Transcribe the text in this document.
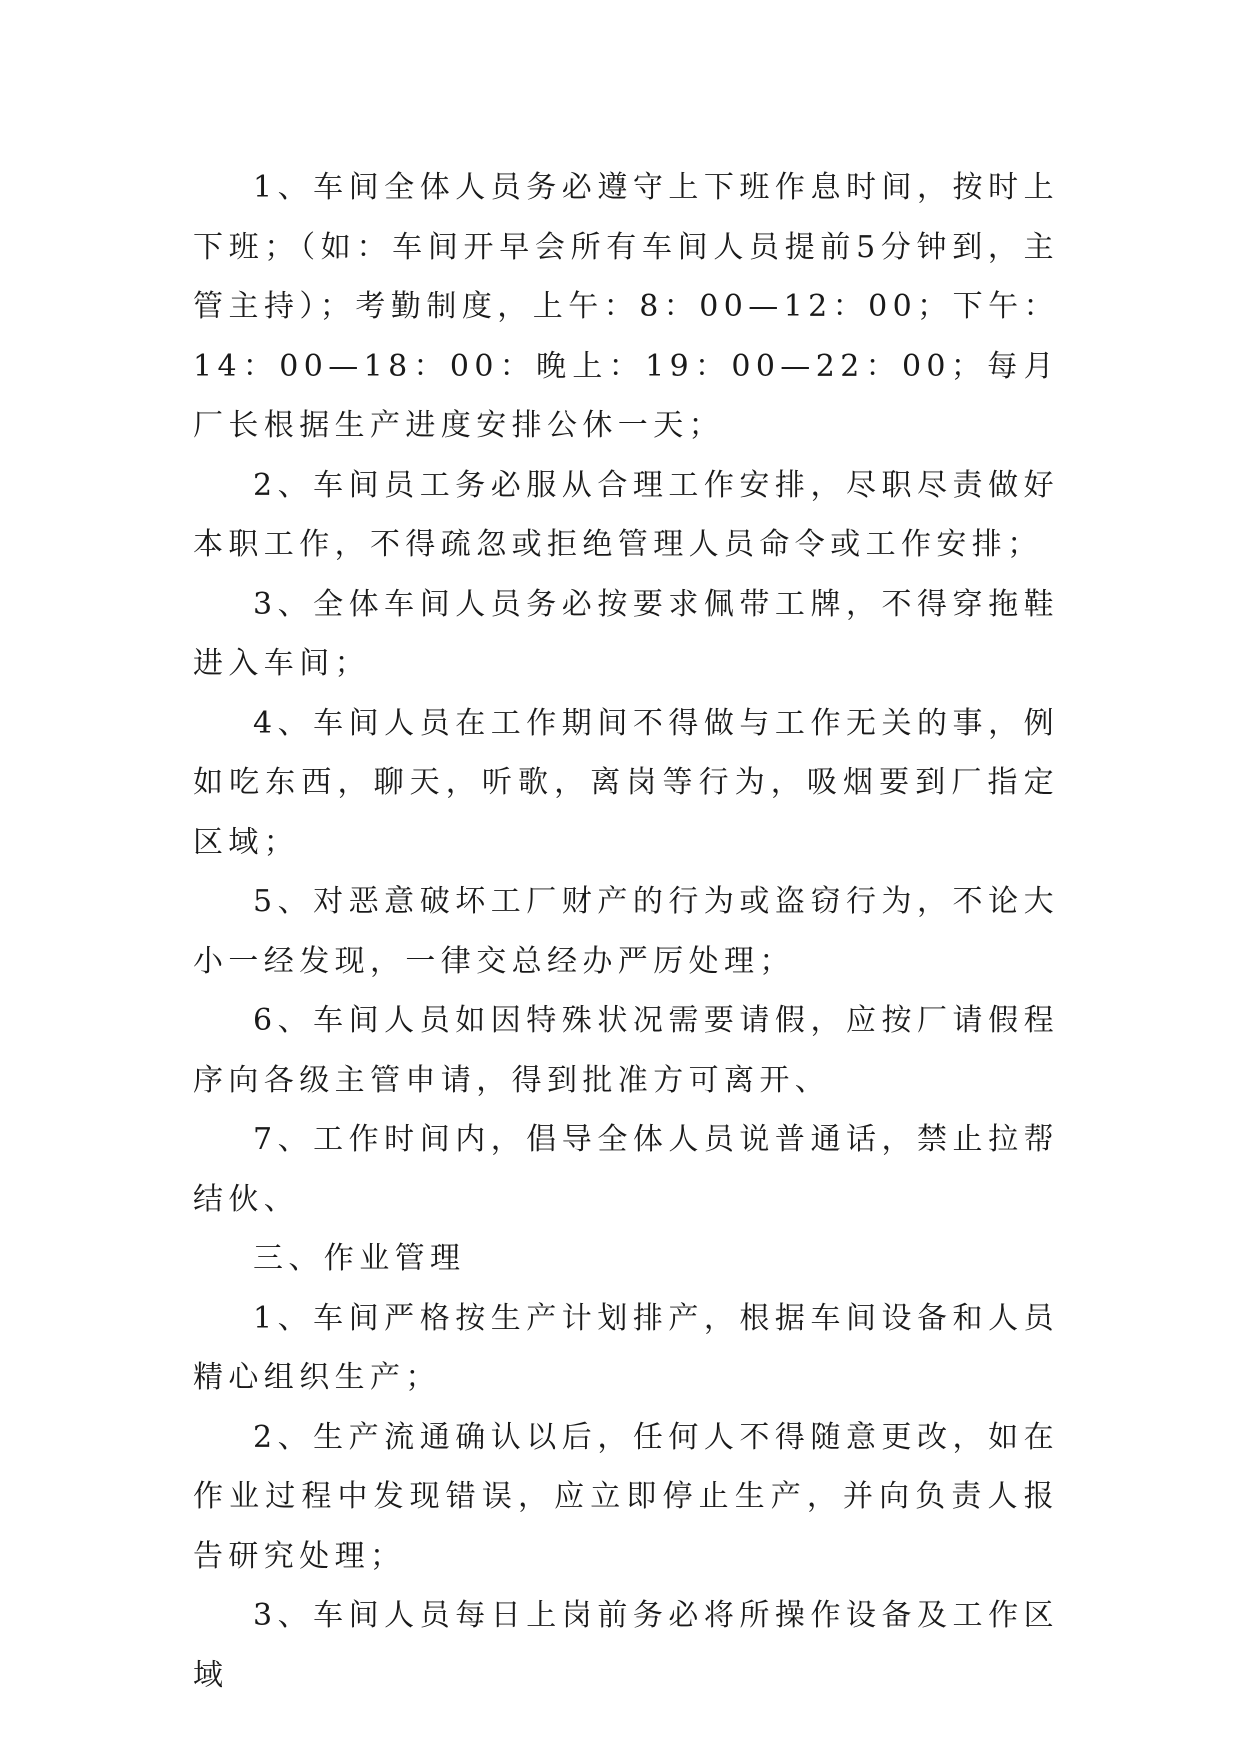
1、车间全体人员务必遵守上下班作息时间，按时上下班；（如：车间开早会所有车间人员提前5分钟到，主管主持）；考勤制度，上午：8：00—12：00；下午：14：00—18：00：晚上：19：00—22：00；每月厂长根据生产进度安排公休一天；

2、车间员工务必服从合理工作安排，尽职尽责做好本职工作，不得疏忽或拒绝管理人员命令或工作安排；

3、全体车间人员务必按要求佩带工牌，不得穿拖鞋进入车间；

4、车间人员在工作期间不得做与工作无关的事，例如吃东西，聊天，听歌，离岗等行为，吸烟要到厂指定区域；

5、对恶意破坏工厂财产的行为或盗窃行为，不论大小一经发现，一律交总经办严厉处理；

6、车间人员如因特殊状况需要请假，应按厂请假程序向各级主管申请，得到批准方可离开、

7、工作时间内，倡导全体人员说普通话，禁止拉帮结伙、

三、作业管理

1、车间严格按生产计划排产，根据车间设备和人员精心组织生产；

2、生产流通确认以后，任何人不得随意更改，如在作业过程中发现错误，应立即停止生产，并向负责人报告研究处理；

3、车间人员每日上岗前务必将所操作设备及工作区域
